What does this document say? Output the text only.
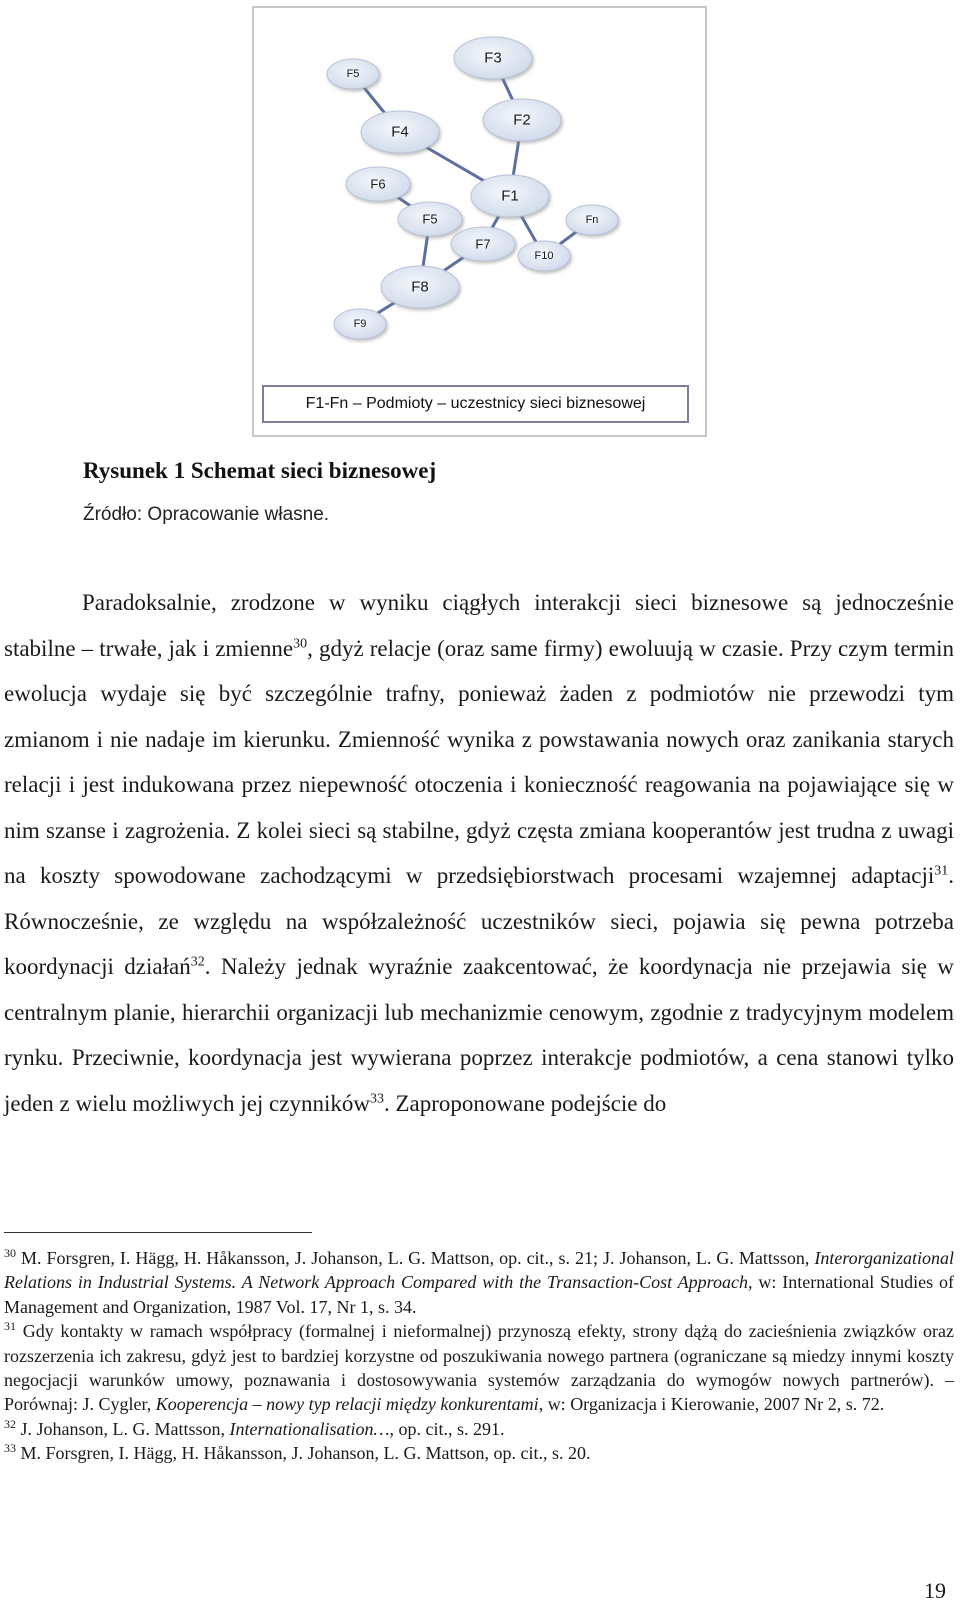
F5
F3
F4
F2
F6
F1
F5	Fn
F7
F10
F8
F9
F1-Fn – Podmioty – uczestnicy sieci biznesowej
Rysunek 1 Schemat sieci biznesowej
Źródło: Opracowanie własne.

Paradoksalnie, zrodzone w wyniku ciągłych interakcji sieci biznesowe są jednocześnie stabilne – trwałe, jak i zmienne$^{30}$, gdyż relacje (oraz same firmy) ewoluują w czasie. Przy czym termin ewolucja wydaje się być szczególnie trafny, ponieważ żaden z podmiotów nie przewodzi tym zmianom i nie nadaje im kierunku. Zmienność wynika z powstawania nowych oraz zanikania starych relacji i jest indukowana przez niepewność otoczenia i konieczność reagowania na pojawiające się w nim szanse i zagrożenia. Z kolei sieci są stabilne, gdyż częsta zmiana kooperantów jest trudna z uwagi na koszty spowodowane zachodzącymi w przedsiębiorstwach procesami wzajemnej adaptacji$^{31}$. Równocześnie, ze względu na współzależność uczestników sieci, pojawia się pewna potrzeba koordynacji działań$^{32}$. Należy jednak wyraźnie zaakcentować, że koordynacja nie przejawia się w centralnym planie, hierarchii organizacji lub mechanizmie cenowym, zgodnie z tradycyjnym modelem rynku. Przeciwnie, koordynacja jest wywierana poprzez interakcje podmiotów, a cena stanowi tylko jeden z wielu możliwych jej czynników$^{33}$. Zaproponowane podejście do

$^{30}$ M. Forsgren, I. Hägg, H. Håkansson, J. Johanson, L. G. Mattson, op. cit., s. 21; J. Johanson, L. G. Mattsson, Interorganizational Relations in Industrial Systems. A Network Approach Compared with the Transaction-Cost Approach, w: International Studies of Management and Organization, 1987 Vol. 17, Nr 1, s. 34.

$^{31}$ Gdy kontakty w ramach współpracy (formalnej i nieformalnej) przynoszą efekty, strony dążą do zacieśnienia związków oraz rozszerzenia ich zakresu, gdyż jest to bardziej korzystne od poszukiwania nowego partnera (ograniczane są miedzy innymi koszty negocjacji warunków umowy, poznawania i dostosowywania systemów zarządzania do wymogów nowych partnerów). – Porównaj: J. Cygler, Kooperencja – nowy typ relacji między konkurentami, w: Organizacja i Kierowanie, 2007 Nr 2, s. 72.

$^{32}$ J. Johanson, L. G. Mattsson, Internationalisation…, op. cit., s. 291.

$^{33}$ M. Forsgren, I. Hägg, H. Håkansson, J. Johanson, L. G. Mattson, op. cit., s. 20.

19
